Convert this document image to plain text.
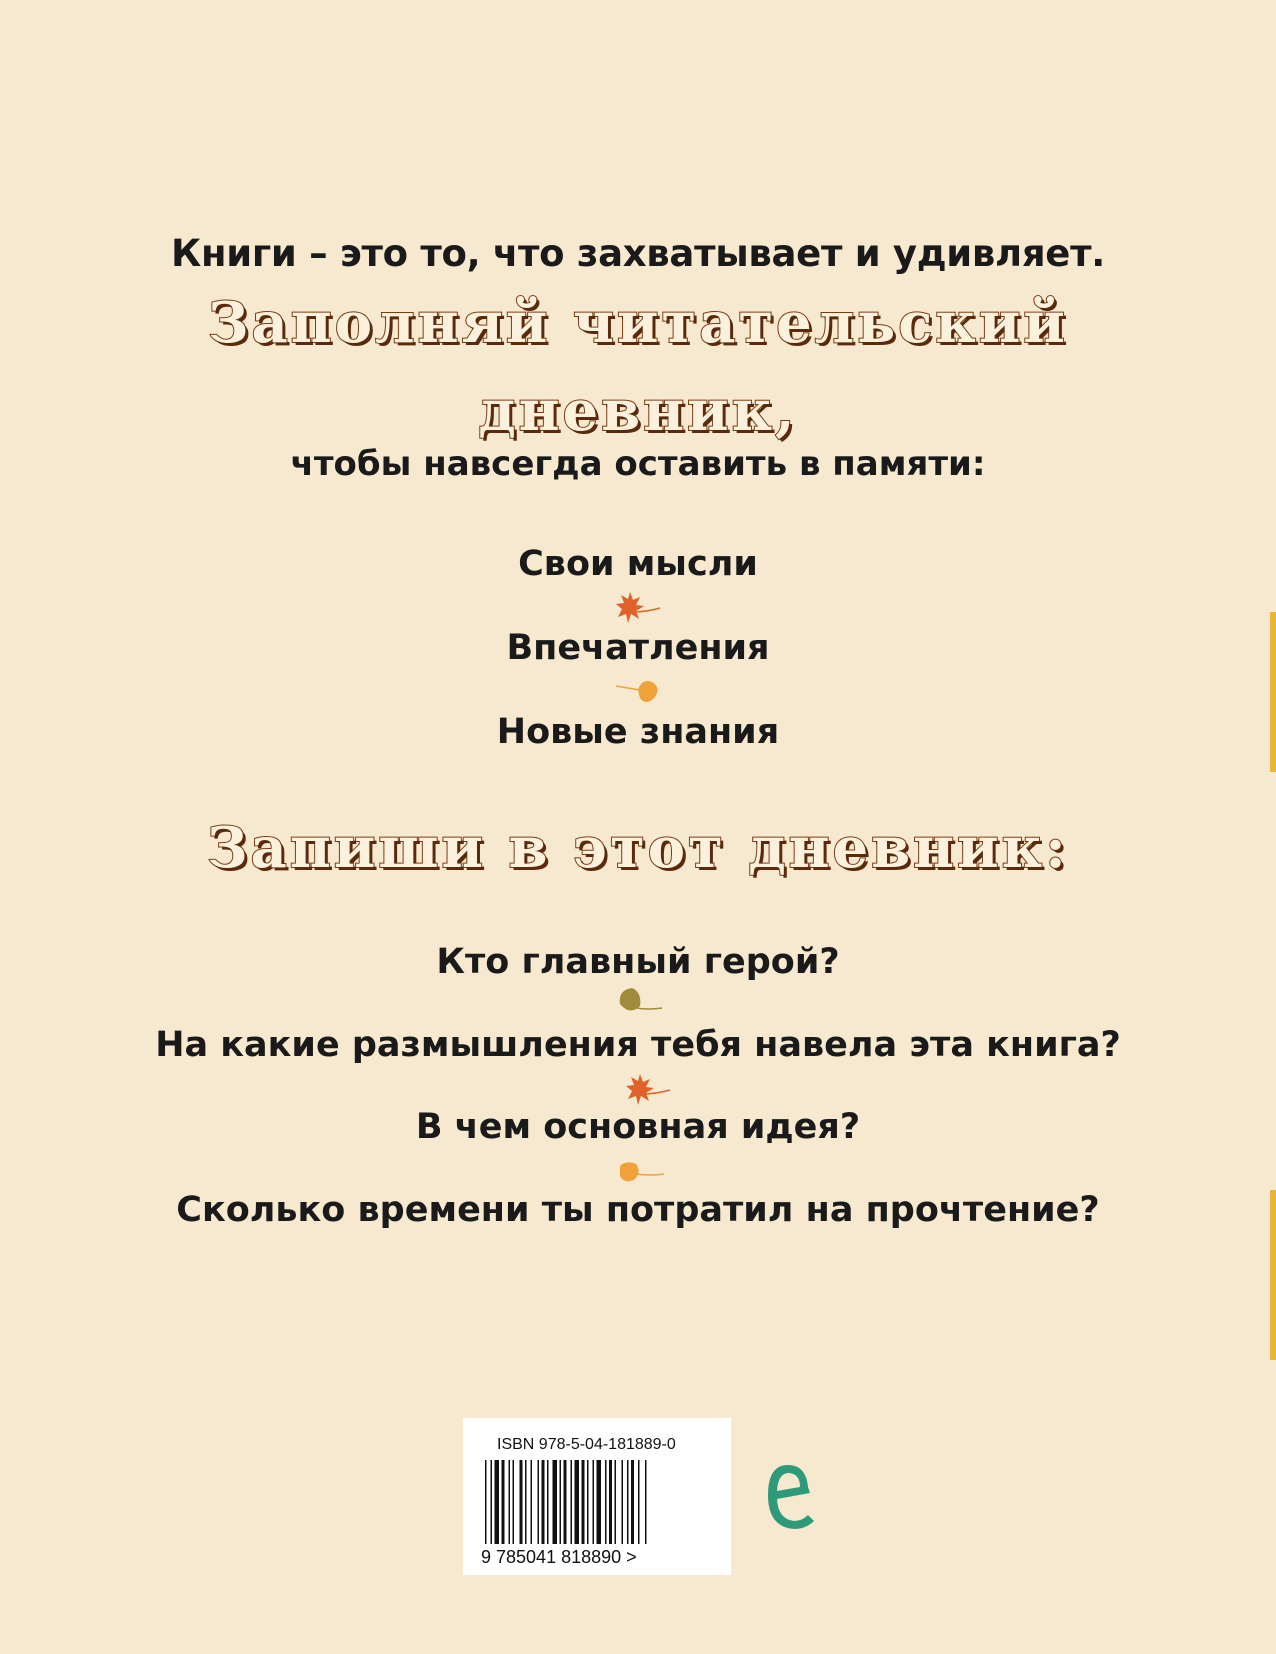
Книги – это то, что захватывает и удивляет.
Заполняй читательский
дневник,
чтобы навсегда оставить в памяти:
Свои мысли
Впечатления
Новые знания
Запиши в этот дневник:
Кто главный герой?
На какие размышления тебя навела эта книга?
В чем основная идея?
Сколько времени ты потратил на прочтение?
ISBN 978-5-04-181889-0
9 785041 818890 >
